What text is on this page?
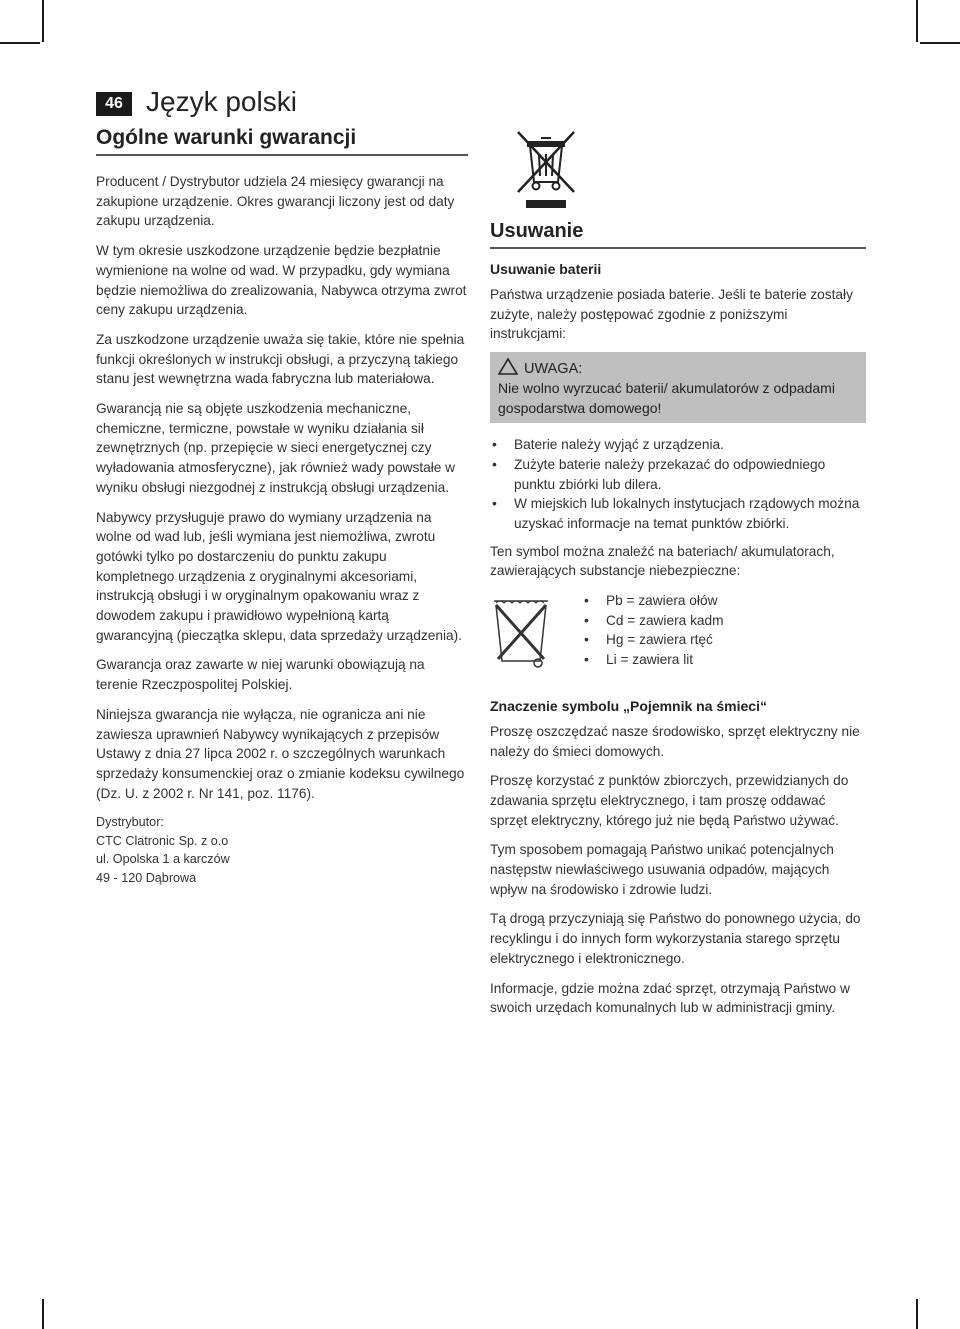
46 Język polski
Ogólne warunki gwarancji

Producent / Dystrybutor udziela 24 miesięcy gwarancji na zakupione urządzenie. Okres gwarancji liczony jest od daty zakupu urządzenia.

W tym okresie uszkodzone urządzenie będzie bezpłatnie wymienione na wolne od wad. W przypadku, gdy wymiana będzie niemożliwa do zrealizowania, Nabywca otrzyma zwrot ceny zakupu urządzenia.

Za uszkodzone urządzenie uważa się takie, które nie spełnia funkcji określonych w instrukcji obsługi, a przyczyną takiego stanu jest wewnętrzna wada fabryczna lub materiałowa.

Gwarancją nie są objęte uszkodzenia mechaniczne, chemiczne, termiczne, powstałe w wyniku działania sił zewnętrznych (np. przepięcie w sieci energetycznej czy wyładowania atmosferyczne), jak również wady powstałe w wyniku obsługi niezgodnej z instrukcją obsługi urządzenia.

Nabywcy przysługuje prawo do wymiany urządzenia na wolne od wad lub, jeśli wymiana jest niemożliwa, zwrotu gotówki tylko po dostarczeniu do punktu zakupu kompletnego urządzenia z oryginalnymi akcesoriami, instrukcją obsługi i w oryginalnym opakowaniu wraz z dowodem zakupu i prawidłowo wypełnioną kartą gwarancyjną (pieczątka sklepu, data sprzedaży urządzenia).

Gwarancja oraz zawarte w niej warunki obowiązują na terenie Rzeczpospolitej Polskiej.

Niniejsza gwarancja nie wyłącza, nie ogranicza ani nie zawiesza uprawnień Nabywcy wynikających z przepisów Ustawy z dnia 27 lipca 2002 r. o szczególnych warunkach sprzedaży konsumenckiej oraz o zmianie kodeksu cywilnego (Dz. U. z 2002 r. Nr 141, poz. 1176).

Dystrybutor:

CTC Clatronic Sp. z o.o

ul. Opolska 1 a karczów

49 - 120 Dąbrowa

Usuwanie

Usuwanie baterii

Państwa urządzenie posiada baterie. Jeśli te baterie zostały zużyte, należy postępować zgodnie z poniższymi instrukcjami:

UWAGA:

Nie wolno wyrzucać baterii/ akumulatorów z odpadami gospodarstwa domowego!

• Baterie należy wyjąć z urządzenia.
• Zużyte baterie należy przekazać do odpowiedniego punktu zbiórki lub dilera.
• W miejskich lub lokalnych instytucjach rządowych można uzyskać informacje na temat punktów zbiórki.

Ten symbol można znaleźć na bateriach/ akumulatorach, zawierających substancje niebezpieczne:

• Pb = zawiera ołów
• Cd = zawiera kadm
• Hg = zawiera rtęć
• Li = zawiera lit

Znaczenie symbolu „Pojemnik na śmieci“

Proszę oszczędzać nasze środowisko, sprzęt elektryczny nie należy do śmieci domowych.

Proszę korzystać z punktów zbiorczych, przewidzianych do zdawania sprzętu elektrycznego, i tam proszę oddawać sprzęt elektryczny, którego już nie będą Państwo używać.

Tym sposobem pomagają Państwo unikać potencjalnych następstw niewłaściwego usuwania odpadów, mających wpływ na środowisko i zdrowie ludzi.

Tą drogą przyczyniają się Państwo do ponownego użycia, do recyklingu i do innych form wykorzystania starego sprzętu elektrycznego i elektronicznego.

Informacje, gdzie można zdać sprzęt, otrzymają Państwo w swoich urzędach komunalnych lub w administracji gminy.
